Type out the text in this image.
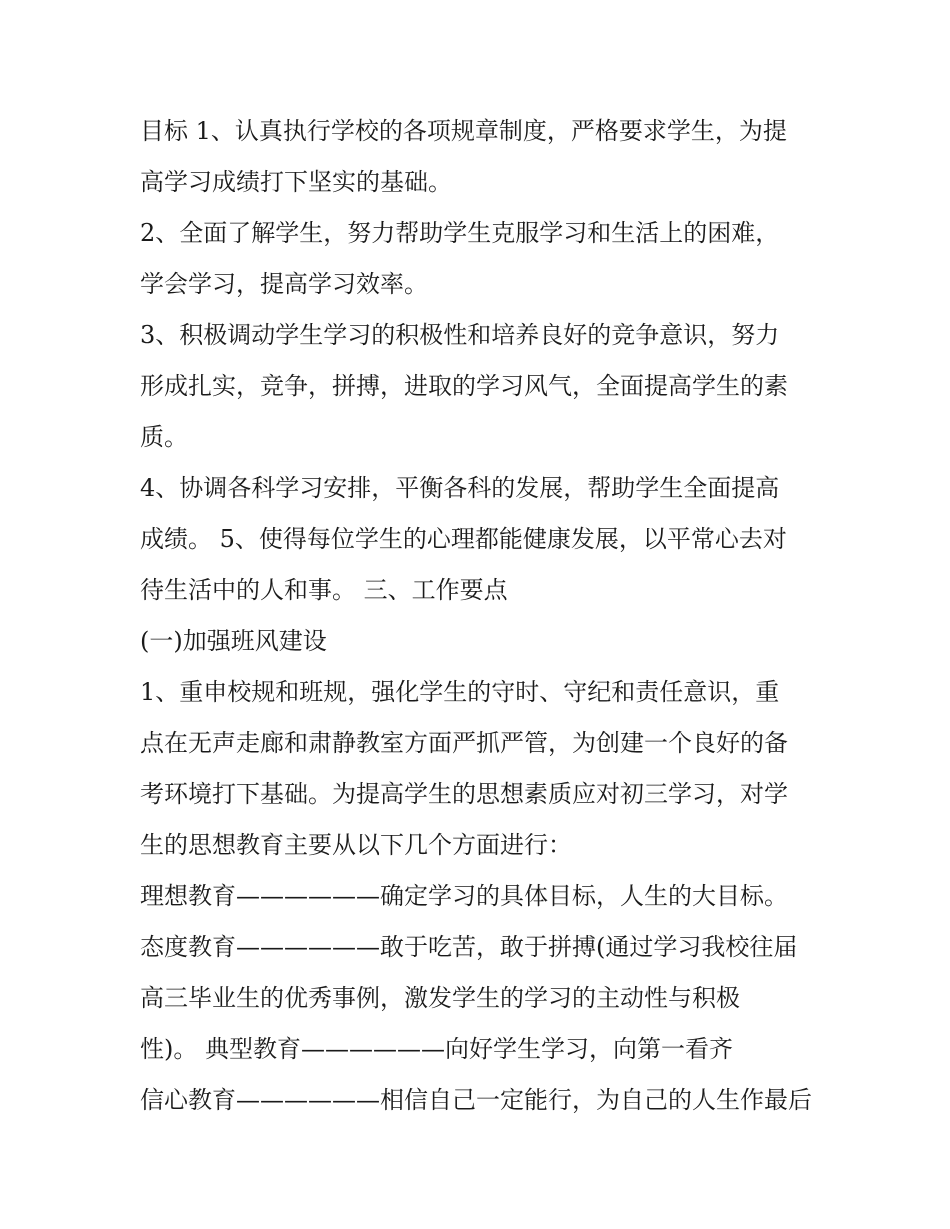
目标 1、认真执行学校的各项规章制度，严格要求学生，为提
高学习成绩打下坚实的基础。
2、全面了解学生，努力帮助学生克服学习和生活上的困难，
学会学习，提高学习效率。
3、积极调动学生学习的积极性和培养良好的竞争意识，努力
形成扎实，竞争，拼搏，进取的学习风气，全面提高学生的素
质。
4、协调各科学习安排，平衡各科的发展，帮助学生全面提高
成绩。 5、使得每位学生的心理都能健康发展，以平常心去对
待生活中的人和事。 三、工作要点
(一)加强班风建设
1、重申校规和班规，强化学生的守时、守纪和责任意识，重
点在无声走廊和肃静教室方面严抓严管，为创建一个良好的备
考环境打下基础。为提高学生的思想素质应对初三学习，对学
生的思想教育主要从以下几个方面进行：
理想教育——————确定学习的具体目标，人生的大目标。
态度教育——————敢于吃苦，敢于拼搏(通过学习我校往届
高三毕业生的优秀事例，激发学生的学习的主动性与积极
性)。 典型教育——————向好学生学习，向第一看齐
信心教育——————相信自己一定能行，为自己的人生作最后
